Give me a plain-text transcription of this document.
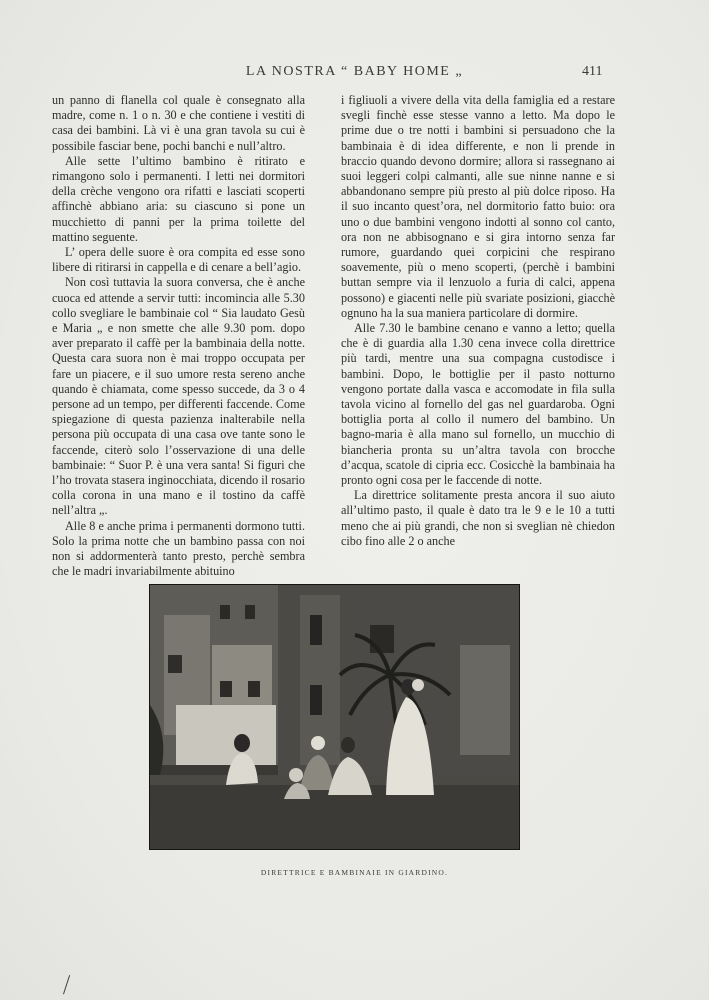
LA NOSTRA “ BABY HOME „	411

un panno di flanella col quale è consegnato alla madre, come n. 1 o n. 30 e che contiene i vestiti di casa dei bambini. Là vi è una gran tavola su cui è possibile fasciar bene, pochi banchi e null’altro.

Alle sette l’ultimo bambino è ritirato e rimangono solo i permanenti. I letti nei dormitori della crèche vengono ora rifatti e lasciati scoperti affinchè abbiano aria: su ciascuno si pone un mucchietto di panni per la prima toilette del mattino seguente.

L’ opera delle suore è ora compita ed esse sono libere di ritirarsi in cappella e di cenare a bell’agio.

Non così tuttavia la suora conversa, che è anche cuoca ed attende a servir tutti: incomincia alle 5.30 collo svegliare le bambinaie col “ Sia laudato Gesù e Maria „ e non smette che alle 9.30 pom. dopo aver preparato il caffè per la bambinaia della notte. Questa cara suora non è mai troppo occupata per fare un piacere, e il suo umore resta sereno anche quando è chiamata, come spesso succede, da 3 o 4 persone ad un tempo, per differenti faccende. Come spiegazione di questa pazienza inalterabile nella persona più occupata di una casa ove tante sono le faccende, citerò solo l’osservazione di una delle bambinaie: “ Suor P. è una vera santa! Si figuri che l’ho trovata stasera inginocchiata, dicendo il rosario colla corona in una mano e il tostino da caffè nell’altra „.

Alle 8 e anche prima i permanenti dormono tutti. Solo la prima notte che un bambino passa con noi non si addormenterà tanto presto, perchè sembra che le madri invariabilmente abituino

i figliuoli a vivere della vita della famiglia ed a restare svegli finchè esse stesse vanno a letto. Ma dopo le prime due o tre notti i bambini si persuadono che la bambinaia è di idea differente, e non li prende in braccio quando devono dormire; allora si rassegnano ai suoi leggeri colpi calmanti, alle sue ninne nanne e si abbandonano sempre più presto al più dolce riposo. Ha il suo incanto quest’ora, nel dormitorio fatto buio: ora uno o due bambini vengono indotti al sonno col canto, ora non ne abbisognano e si gira intorno senza far rumore, guardando quei corpicini che respirano soavemente, più o meno scoperti, (perchè i bambini buttan sempre via il lenzuolo a furia di calci, appena possono) e giacenti nelle più svariate posizioni, giacchè ognuno ha la sua maniera particolare di dormire.

Alle 7.30 le bambine cenano e vanno a letto; quella che è di guardia alla 1.30 cena invece colla direttrice più tardi, mentre una sua compagna custodisce i bambini. Dopo, le bottiglie per il pasto notturno vengono portate dalla vasca e accomodate in fila sulla tavola vicino al fornello del gas nel guardaroba. Ogni bottiglia porta al collo il numero del bambino. Un bagno-maria è alla mano sul fornello, un mucchio di biancheria pronta su un’altra tavola con brocche d’acqua, scatole di cipria ecc. Cosicchè la bambinaia ha pronto ogni cosa per le faccende di notte.

La direttrice solitamente presta ancora il suo aiuto all’ultimo pasto, il quale è dato tra le 9 e le 10 a tutti meno che ai più grandi, che non si sveglian nè chiedon cibo fino alle 2 o anche

DIRETTRICE E BAMBINAIE IN GIARDINO.
